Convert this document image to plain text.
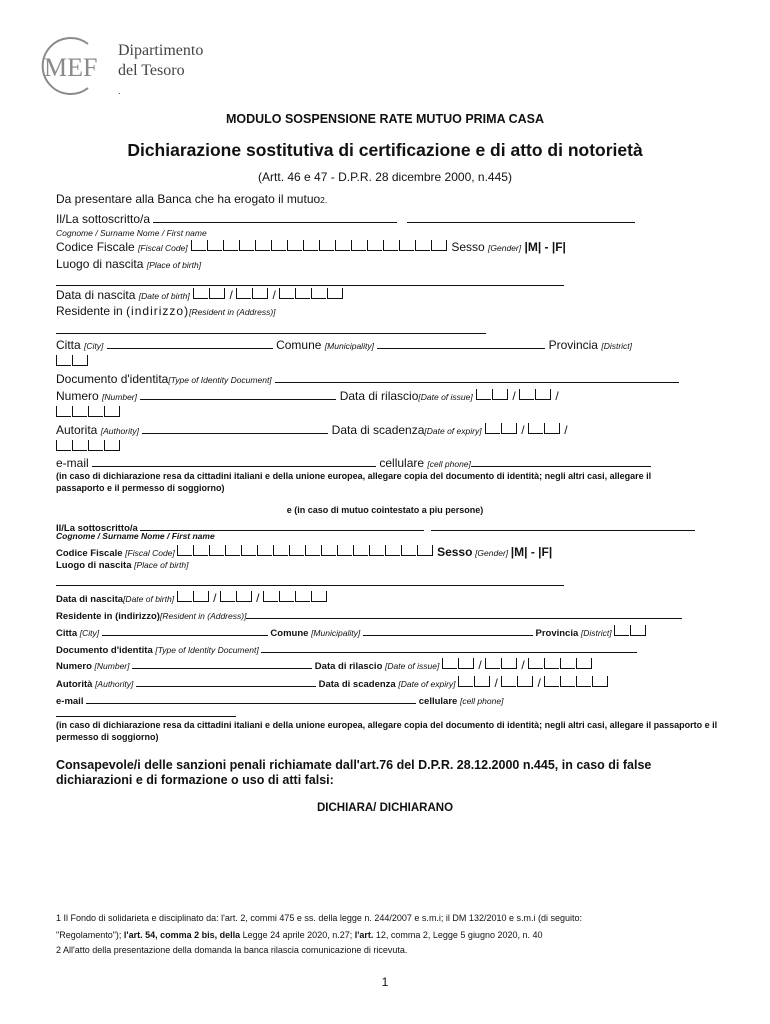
MEF
Dipartimento
del Tesoro
.
MODULO SOSPENSIONE RATE MUTUO PRIMA CASA
Dichiarazione sostitutiva di certificazione e di atto di notorietà
(Artt. 46 e 47 - D.P.R. 28 dicembre 2000, n.445)
Da presentare alla Banca che ha erogato il mutuo2.
Il/La sottoscritto/a
Cognome / Surname Nome / First name
Codice Fiscale [Fiscal Code]	Sesso [Gender] |M| - |F|
Luogo di nascita [Place of birth]
Data di nascita [Date of birth]	/	/
Residente in (indirizzo)[Resident in (Address)]
Citta [City]	Comune [Municipality]	Provincia [District]
Documento d'identita[Type of Identity Document]
Numero [Number]	Data di rilascio[Date of issue]	/	/
Autorita [Authority]	Data di scadenza[Date of expiry]	/	/
e-mail	cellulare [cell phone]
(in caso di dichiarazione resa da cittadini italiani e della unione europea, allegare copia del documento di identità; negli altri casi, allegare il passaporto e il permesso di soggiorno)
e (in caso di mutuo cointestato a piu persone)
Il/La sottoscritto/a
Cognome / Surname Nome / First name
Codice Fiscale [Fiscal Code]	Sesso [Gender] |M| - |F|
Luogo di nascita [Place of birth]
Data di nascita[Date of birth]	/	/
Residente in (indirizzo)[Resident in (Address)]
Citta [City]	Comune [Municipality]	Provincia [District]
Documento d'identita [Type of Identity Document]
Numero [Number]	Data di rilascio [Date of issue]	/	/
Autorità [Authority]	Data di scadenza [Date of expiry]	/	/
e-mail	cellulare [cell phone]
(in caso di dichiarazione resa da cittadini italiani e della unione europea, allegare copia del documento di identità; negli altri casi, allegare il passaporto e il permesso di soggiorno)
Consapevole/i delle sanzioni penali richiamate dall'art.76 del D.P.R. 28.12.2000 n.445, in caso di false dichiarazioni e di formazione o uso di atti falsi:
DICHIARA/ DICHIARANO
1 Il Fondo di solidarieta e disciplinato da: l'art. 2, commi 475 e ss. della legge n. 244/2007 e s.m.i; il DM 132/2010 e s.m.i (di seguito:
"Regolamento"); l'art. 54, comma 2 bis, della Legge 24 aprile 2020, n.27; l'art. 12, comma 2, Legge 5 giugno 2020, n. 40
2 All'atto della presentazione della domanda la banca rilascia comunicazione di ricevuta.
1
